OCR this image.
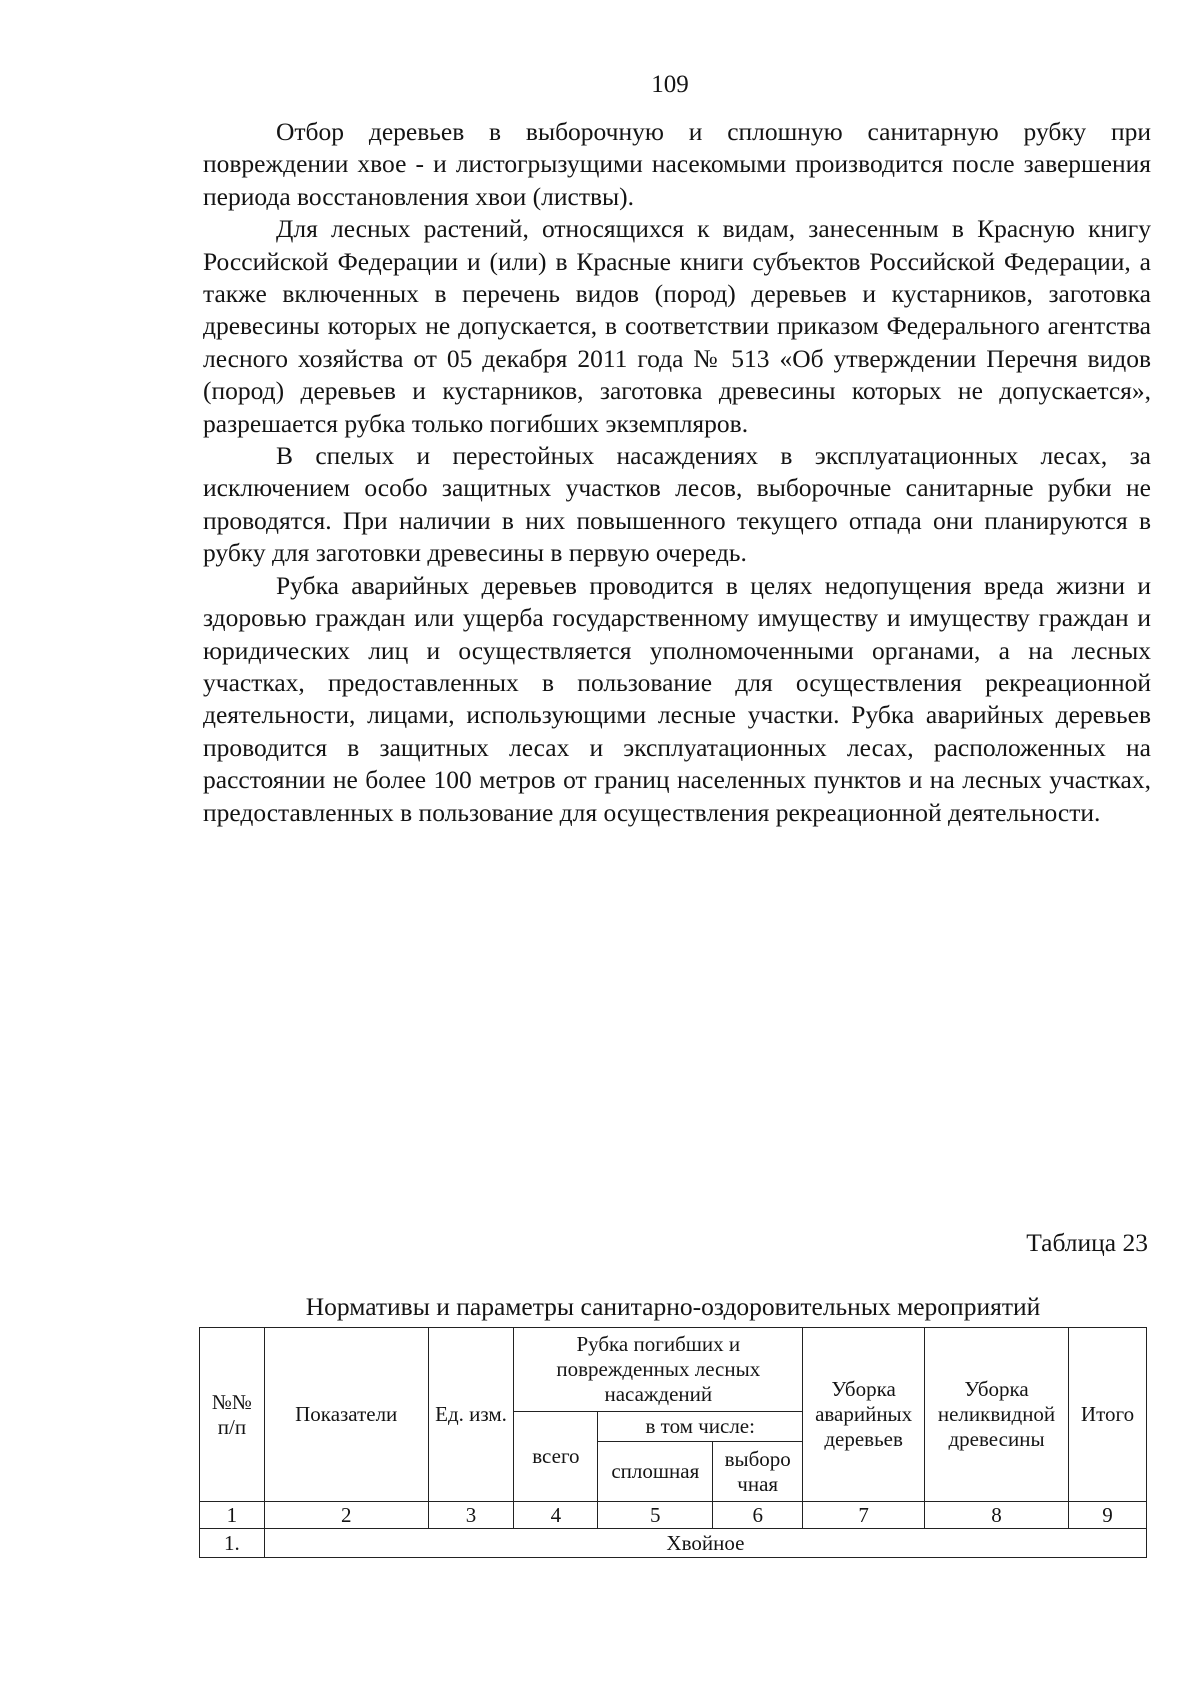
109

Отбор деревьев в выборочную и сплошную санитарную рубку при повреждении хвое - и листогрызущими насекомыми производится после завершения периода восстановления хвои (листвы).

Для лесных растений, относящихся к видам, занесенным в Красную книгу Российской Федерации и (или) в Красные книги субъектов Российской Федерации, а также включенных в перечень видов (пород) деревьев и кустарников, заготовка древесины которых не допускается, в соответствии приказом Федерального агентства лесного хозяйства от 05 декабря 2011 года № 513 «Об утверждении Перечня видов (пород) деревьев и кустарников, заготовка древесины которых не допускается», разрешается рубка только погибших экземпляров.

В спелых и перестойных насаждениях в эксплуатационных лесах, за исключением особо защитных участков лесов, выборочные санитарные рубки не проводятся. При наличии в них повышенного текущего отпада они планируются в рубку для заготовки древесины в первую очередь.

Рубка аварийных деревьев проводится в целях недопущения вреда жизни и здоровью граждан или ущерба государственному имуществу и имуществу граждан и юридических лиц и осуществляется уполномоченными органами, а на лесных участках, предоставленных в пользование для осуществления рекреационной деятельности, лицами, использующими лесные участки. Рубка аварийных деревьев проводится в защитных лесах и эксплуатационных лесах, расположенных на расстоянии не более 100 метров от границ населенных пунктов и на лесных участках, предоставленных в пользование для осуществления рекреационной деятельности.

Таблица 23
Нормативы и параметры санитарно-оздоровительных мероприятий
№№ п/п	Показатели	Ед. изм.	Рубка погибших и поврежденных лесных насаждений			Уборка аварийных деревьев	Уборка неликвидной древесины	Итого
			всего	в том числе:				
				сплошная	выборо чная			
1	2	3	4	5	6	7	8	9
1.	Хвойное							
